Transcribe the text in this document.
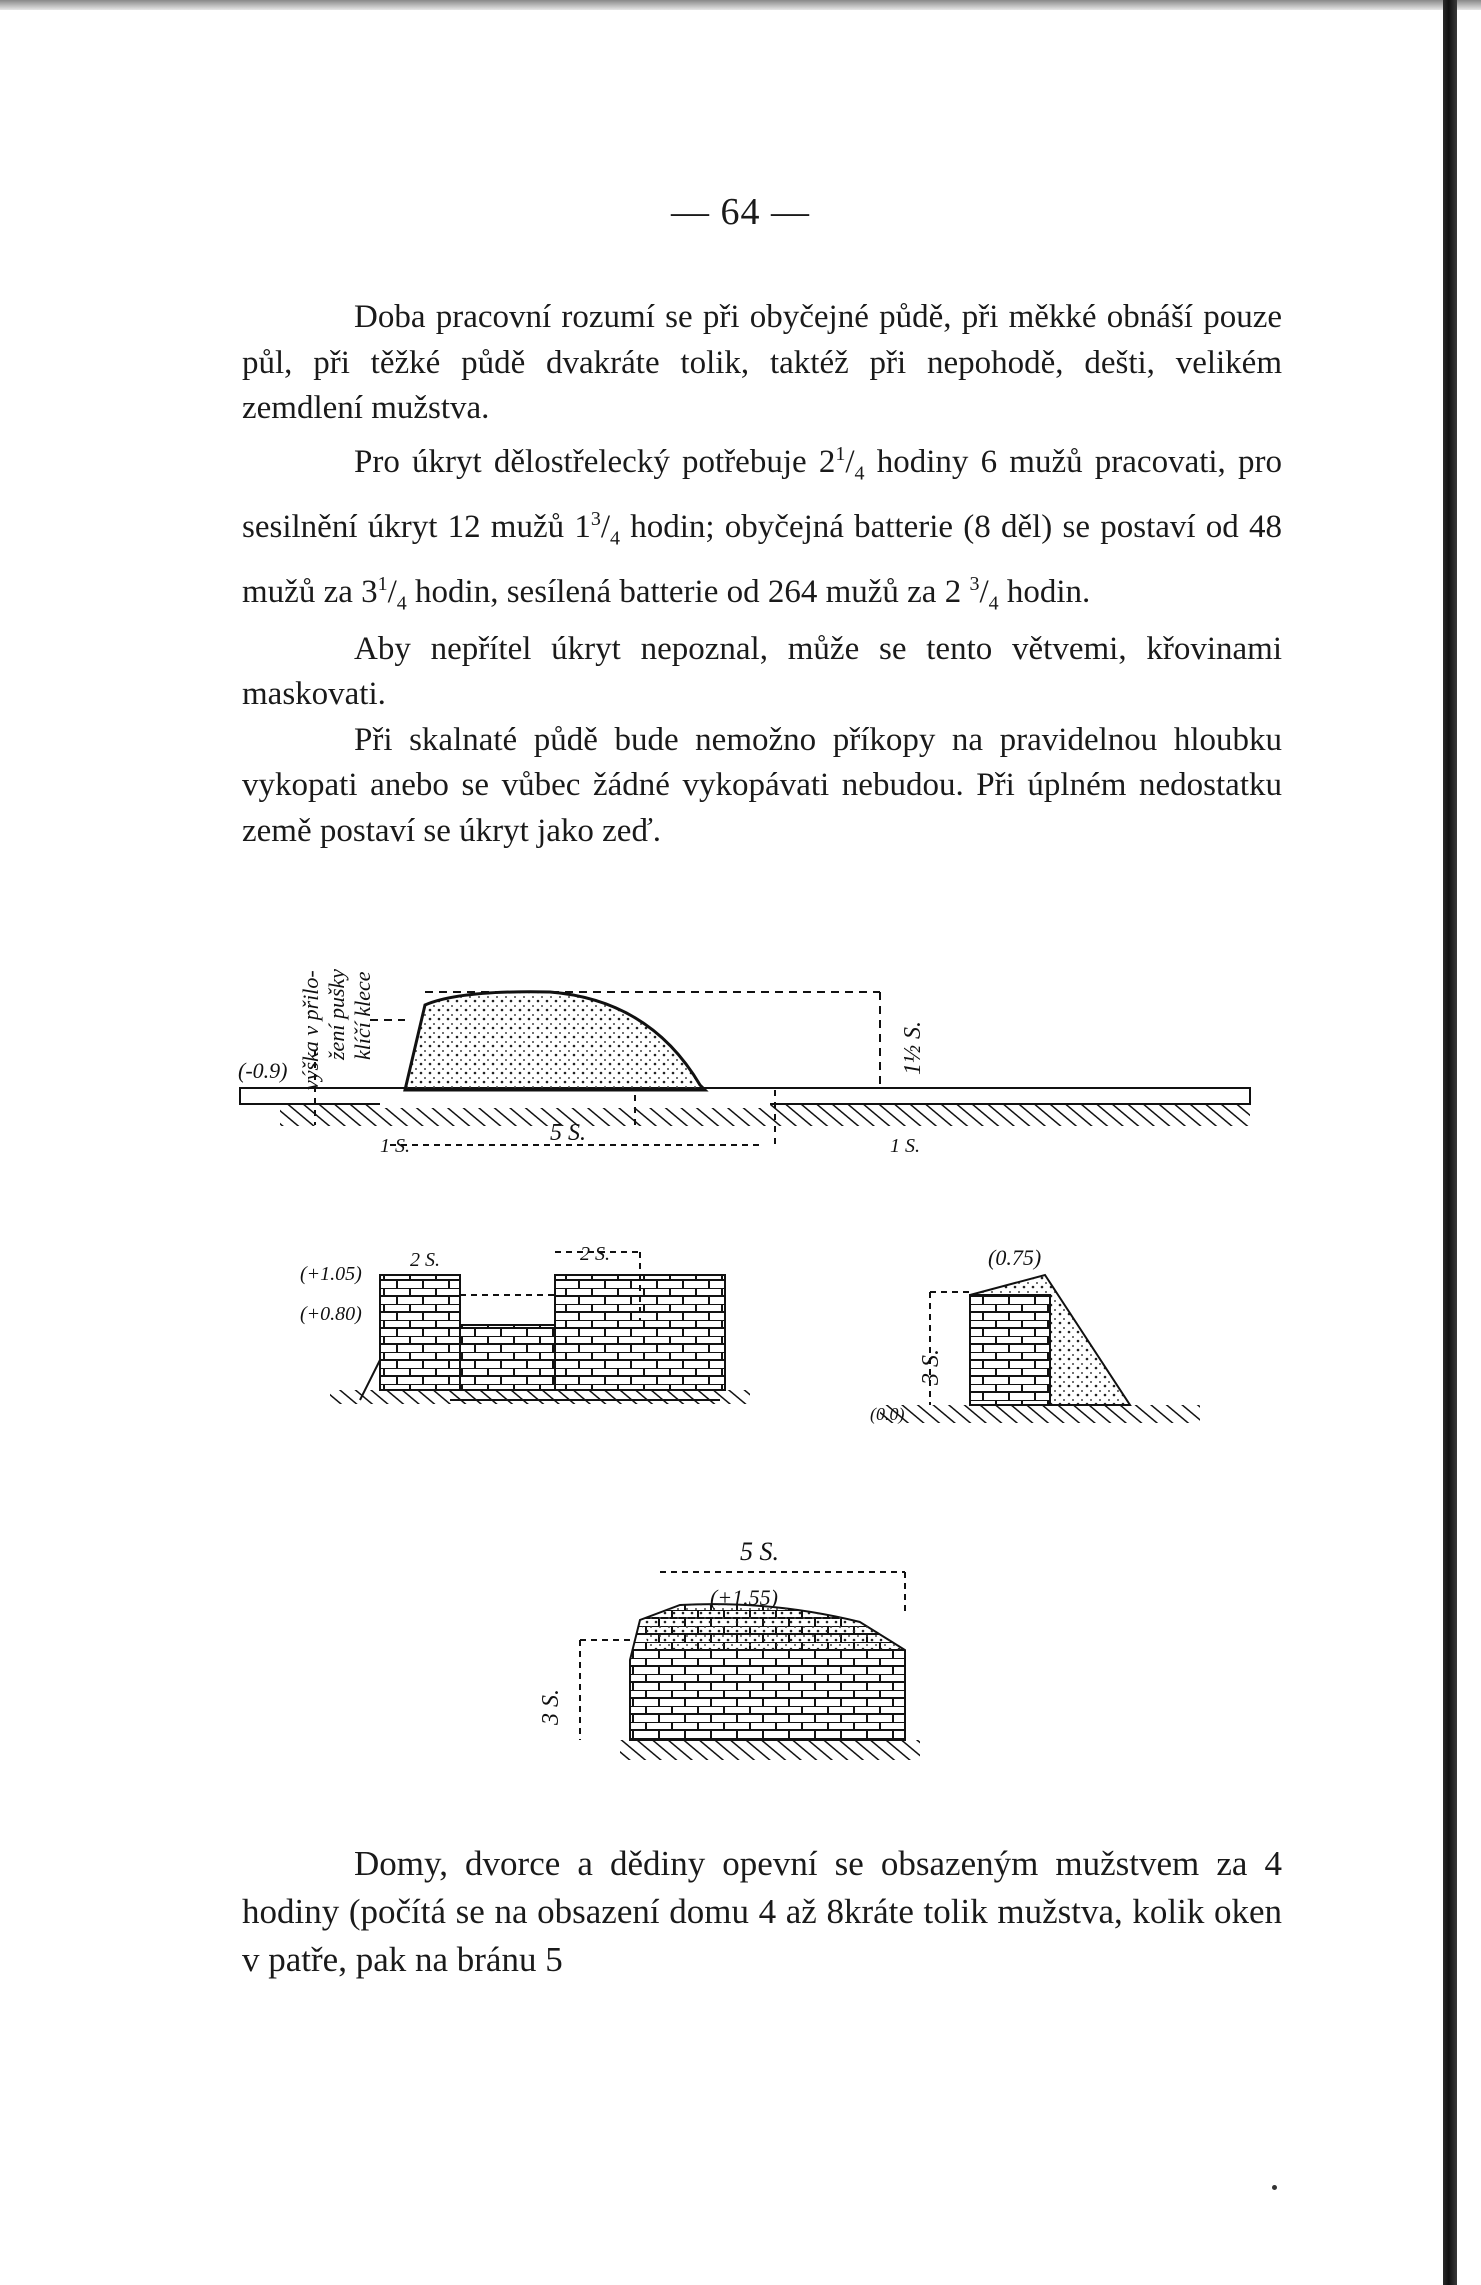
— 64 —

Doba pracovní rozumí se při obyčejné půdě, při měkké obnáší pouze půl, při těžké půdě dvakráte tolik, taktéž při nepohodě, dešti, velikém zemdlení mužstva.

Pro úkryt dělostřelecký potřebuje $2^1/_4$ hodiny 6 mužů pracovati, pro sesilnění úkryt 12 mužů $1^3/_4$ hodin; obyčejná batterie (8 děl) se postaví od 48 mužů za $3^1/_4$ hodin, sesílená batterie od 264 mužů za 2 $^3/_4$ hodin.

Aby nepřítel úkryt nepoznal, může se tento větvemi, křovinami maskovati.

Při skalnaté půdě bude nemožno příkopy na pravidelnou hloubku vykopati anebo se vůbec žádné vykopávati nebudou. Při úplném nedostatku země postaví se úkryt jako zeď.

(-0.9) výška v přilo- žení pušky klíčí klece	1½ S.
5 S.
1 S.	1 S.
(+1.05)
(+0.80)
2 S.	2 S.	(0.75)
3 S.
(0.0)
5 S.
(+1.55)
3 S.

Domy, dvorce a dědiny opevní se obsazeným mužstvem za 4 hodiny (počítá se na obsazení domu 4 až 8kráte tolik mužstva, kolik oken v patře, pak na bránu 5
